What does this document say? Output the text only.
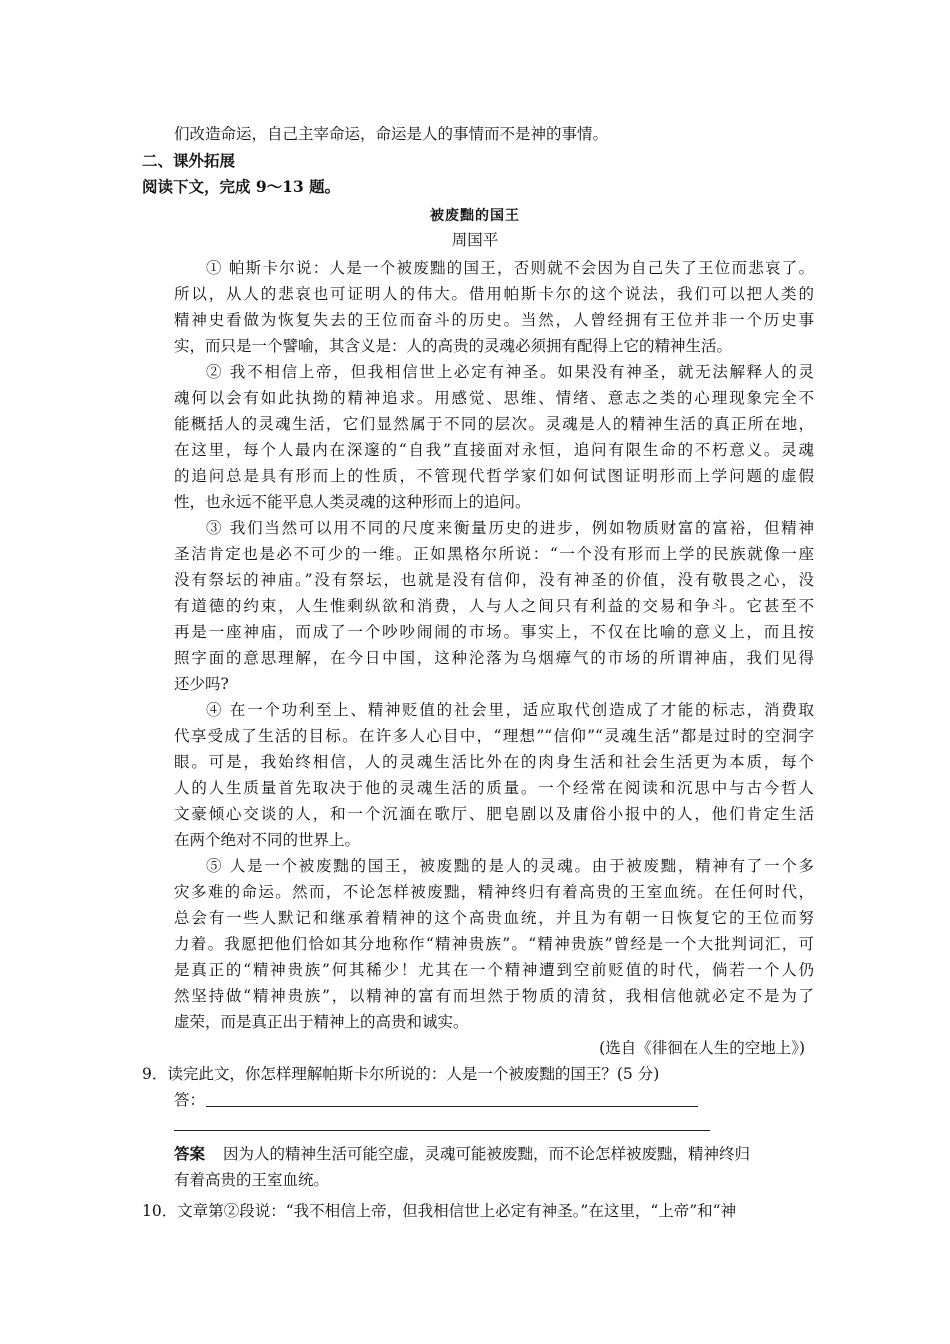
们改造命运，自己主宰命运，命运是人的事情而不是神的事情。
二、课外拓展
阅读下文，完成 9～13 题。
被废黜的国王
周国平
① 帕斯卡尔说：人是一个被废黜的国王，否则就不会因为自己失了王位而悲哀了。
所以，从人的悲哀也可证明人的伟大。借用帕斯卡尔的这个说法，我们可以把人类的
精神史看做为恢复失去的王位而奋斗的历史。当然，人曾经拥有王位并非一个历史事
实，而只是一个譬喻，其含义是：人的高贵的灵魂必须拥有配得上它的精神生活。
② 我不相信上帝，但我相信世上必定有神圣。如果没有神圣，就无法解释人的灵
魂何以会有如此执拗的精神追求。用感觉、思维、情绪、意志之类的心理现象完全不
能概括人的灵魂生活，它们显然属于不同的层次。灵魂是人的精神生活的真正所在地，
在这里，每个人最内在深邃的“自我”直接面对永恒，追问有限生命的不朽意义。灵魂
的追问总是具有形而上的性质，不管现代哲学家们如何试图证明形而上学问题的虚假
性，也永远不能平息人类灵魂的这种形而上的追问。
③ 我们当然可以用不同的尺度来衡量历史的进步，例如物质财富的富裕，但精神
圣洁肯定也是必不可少的一维。正如黑格尔所说：“一个没有形而上学的民族就像一座
没有祭坛的神庙。”没有祭坛，也就是没有信仰，没有神圣的价值，没有敬畏之心，没
有道德的约束，人生惟剩纵欲和消费，人与人之间只有利益的交易和争斗。它甚至不
再是一座神庙，而成了一个吵吵闹闹的市场。事实上，不仅在比喻的意义上，而且按
照字面的意思理解，在今日中国，这种沦落为乌烟瘴气的市场的所谓神庙，我们见得
还少吗?
④ 在一个功利至上、精神贬值的社会里，适应取代创造成了才能的标志，消费取
代享受成了生活的目标。在许多人心目中，“理想”“信仰”“灵魂生活”都是过时的空洞字
眼。可是，我始终相信，人的灵魂生活比外在的肉身生活和社会生活更为本质，每个
人的人生质量首先取决于他的灵魂生活的质量。一个经常在阅读和沉思中与古今哲人
文豪倾心交谈的人，和一个沉湎在歌厅、肥皂剧以及庸俗小报中的人，他们肯定生活
在两个绝对不同的世界上。
⑤ 人是一个被废黜的国王，被废黜的是人的灵魂。由于被废黜，精神有了一个多
灾多难的命运。然而，不论怎样被废黜，精神终归有着高贵的王室血统。在任何时代，
总会有一些人默记和继承着精神的这个高贵血统，并且为有朝一日恢复它的王位而努
力着。我愿把他们恰如其分地称作“精神贵族”。“精神贵族”曾经是一个大批判词汇，可
是真正的“精神贵族”何其稀少！尤其在一个精神遭到空前贬值的时代，倘若一个人仍
然坚持做“精神贵族”，以精神的富有而坦然于物质的清贫，我相信他就必定不是为了
虚荣，而是真正出于精神上的高贵和诚实。
(选自《徘徊在人生的空地上》)
9．读完此文，你怎样理解帕斯卡尔所说的：人是一个被废黜的国王？(5 分)
答：
答案 因为人的精神生活可能空虚，灵魂可能被废黜，而不论怎样被废黜，精神终归
有着高贵的王室血统。
10．文章第②段说：“我不相信上帝，但我相信世上必定有神圣。”在这里，“上帝”和“神
